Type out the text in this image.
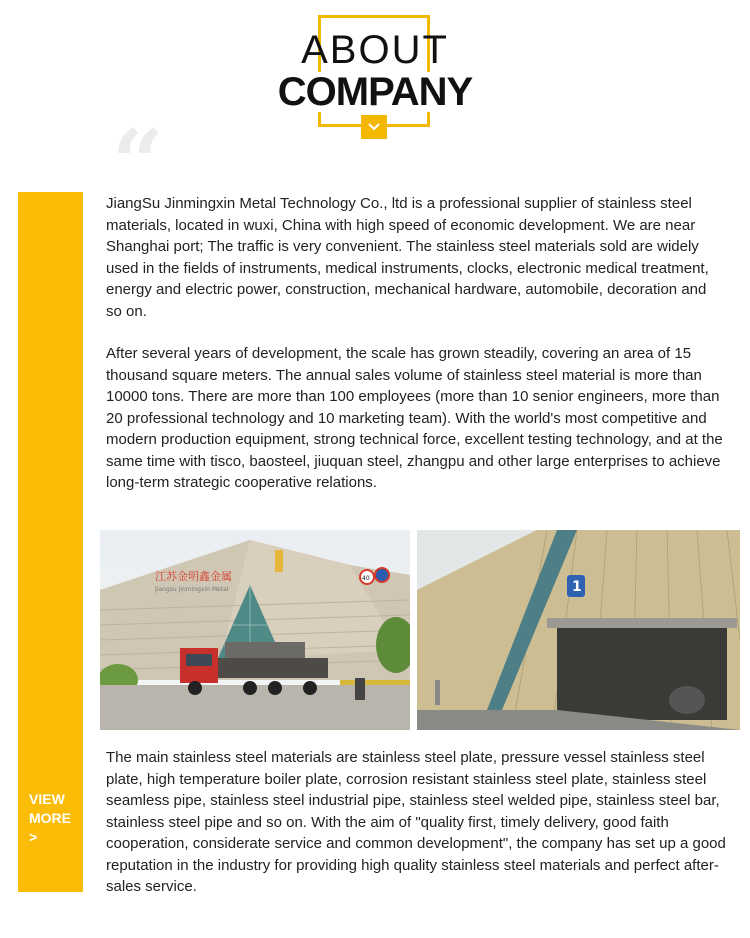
ABOUT
COMPANY
“
VIEW
MORE
>

JiangSu Jinmingxin Metal Technology Co., ltd is a professional supplier of stainless steel materials, located in wuxi, China with high speed of economic development. We are near Shanghai port; The traffic is very convenient. The stainless steel materials sold are widely used in the fields of instruments, medical instruments, clocks, electronic medical treatment, energy and electric power, construction, mechanical hardware, automobile, decoration and so on.

After several years of development, the scale has grown steadily, covering an area of 15 thousand square meters. The annual sales volume of stainless steel material is more than 10000 tons. There are more than 100 employees (more than 10 senior engineers, more than 20 professional technology and 10 marketing team). With the world's most competitive and modern production equipment, strong technical force, excellent testing technology, and at the same time with tisco, baosteel, jiuquan steel, zhangpu and other large enterprises to achieve long-term strategic cooperative relations.

江苏金明鑫金属
Jiangsu Jinmingxin Metal
40
1

The main stainless steel materials are stainless steel plate, pressure vessel stainless steel plate, high temperature boiler plate, corrosion resistant stainless steel plate, stainless steel seamless pipe, stainless steel industrial pipe, stainless steel welded pipe, stainless steel bar, stainless steel pipe and so on. With the aim of "quality first, timely delivery, good faith cooperation, considerate service and common development", the company has set up a good reputation in the industry for providing high quality stainless steel materials and perfect after-sales service.
